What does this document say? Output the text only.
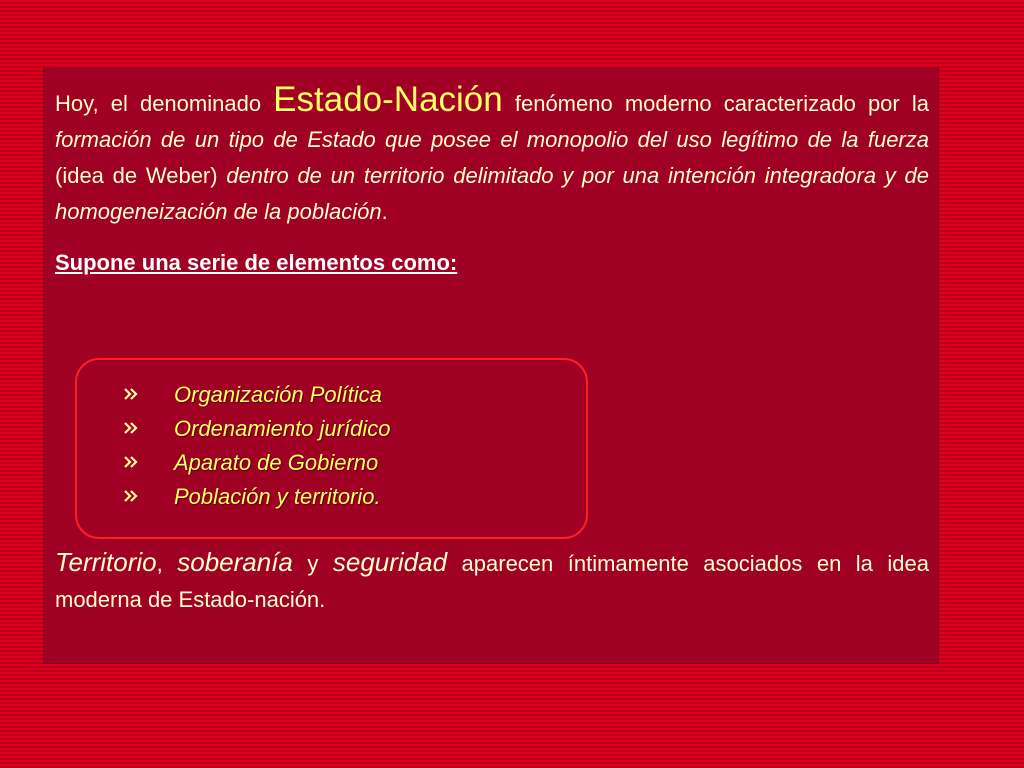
Hoy, el denominado Estado-Nación fenómeno moderno caracterizado por la formación de un tipo de Estado que posee el monopolio del uso legítimo de la fuerza (idea de Weber) dentro de un territorio delimitado y por una intención integradora y de homogeneización de la población.

Supone una serie de elementos como:

Organización Política
Ordenamiento jurídico
Aparato de Gobierno
Población y territorio.

Territorio, soberanía y seguridad aparecen íntimamente asociados en la idea moderna de Estado-nación.
